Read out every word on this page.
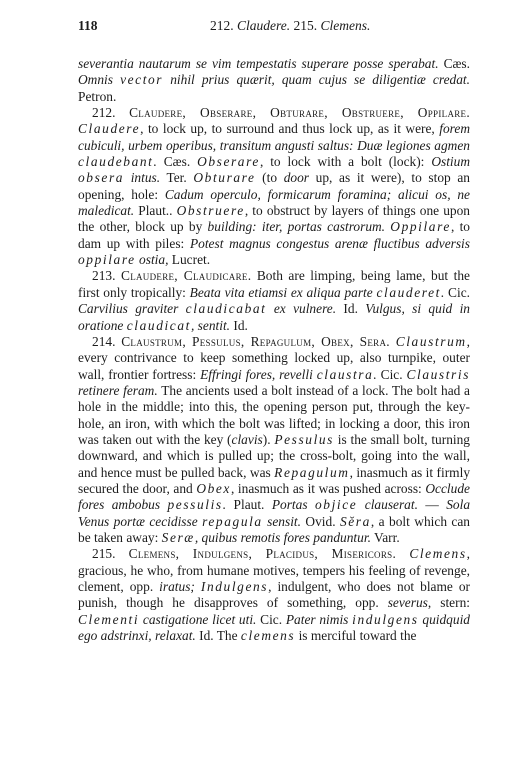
118	212. Claudere. 215. Clemens.

severantia nautarum se vim tempestatis superare posse sperabat. Cæs. Omnis vector nihil prius quærit, quam cujus se diligentiæ credat. Petron.

212. Claudere, Obserare, Obturare, Obstruere, Oppilare. Claudere, to lock up, to surround and thus lock up, as it were, forem cubiculi, urbem operibus, transitum angusti saltus: Duæ legiones agmen claudebant. Cæs. Obserare, to lock with a bolt (lock): Ostium obsera intus. Ter. Obturare (to door up, as it were), to stop an opening, hole: Cadum operculo, formicarum foramina; alicui os, ne maledicat. Plaut.. Obstruere, to obstruct by layers of things one upon the other, block up by building: iter, portas castrorum. Oppilare, to dam up with piles: Potest magnus congestus arenæ fluctibus adversis oppilare ostia, Lucret.

213. Claudere, Claudicare. Both are limping, being lame, but the first only tropically: Beata vita etiamsi ex aliqua parte clauderet. Cic. Carvilius graviter claudicabat ex vulnere. Id. Vulgus, si quid in oratione claudicat, sentit. Id.

214. Claustrum, Pessulus, Repagulum, Obex, Sera. Claustrum, every contrivance to keep something locked up, also turnpike, outer wall, frontier fortress: Effringi fores, revelli claustra. Cic. Claustris retinere feram. The ancients used a bolt instead of a lock. The bolt had a hole in the middle; into this, the opening person put, through the key-hole, an iron, with which the bolt was lifted; in locking a door, this iron was taken out with the key (clavis). Pessulus is the small bolt, turning downward, and which is pulled up; the cross-bolt, going into the wall, and hence must be pulled back, was Repagulum, inasmuch as it firmly secured the door, and Obex, inasmuch as it was pushed across: Occlude fores ambobus pessulis. Plaut. Portas objice clauserat. — Sola Venus portæ cecidisse repagula sensit. Ovid. Sĕra, a bolt which can be taken away: Seræ, quibus remotis fores panduntur. Varr.

215. Clemens, Indulgens, Placidus, Misericors. Clemens, gracious, he who, from humane motives, tempers his feeling of revenge, clement, opp. iratus; Indulgens, indulgent, who does not blame or punish, though he disapproves of something, opp. severus, stern: Clementi castigatione licet uti. Cic. Pater nimis indulgens quidquid ego adstrinxi, relaxat. Id. The clemens is merciful toward the
